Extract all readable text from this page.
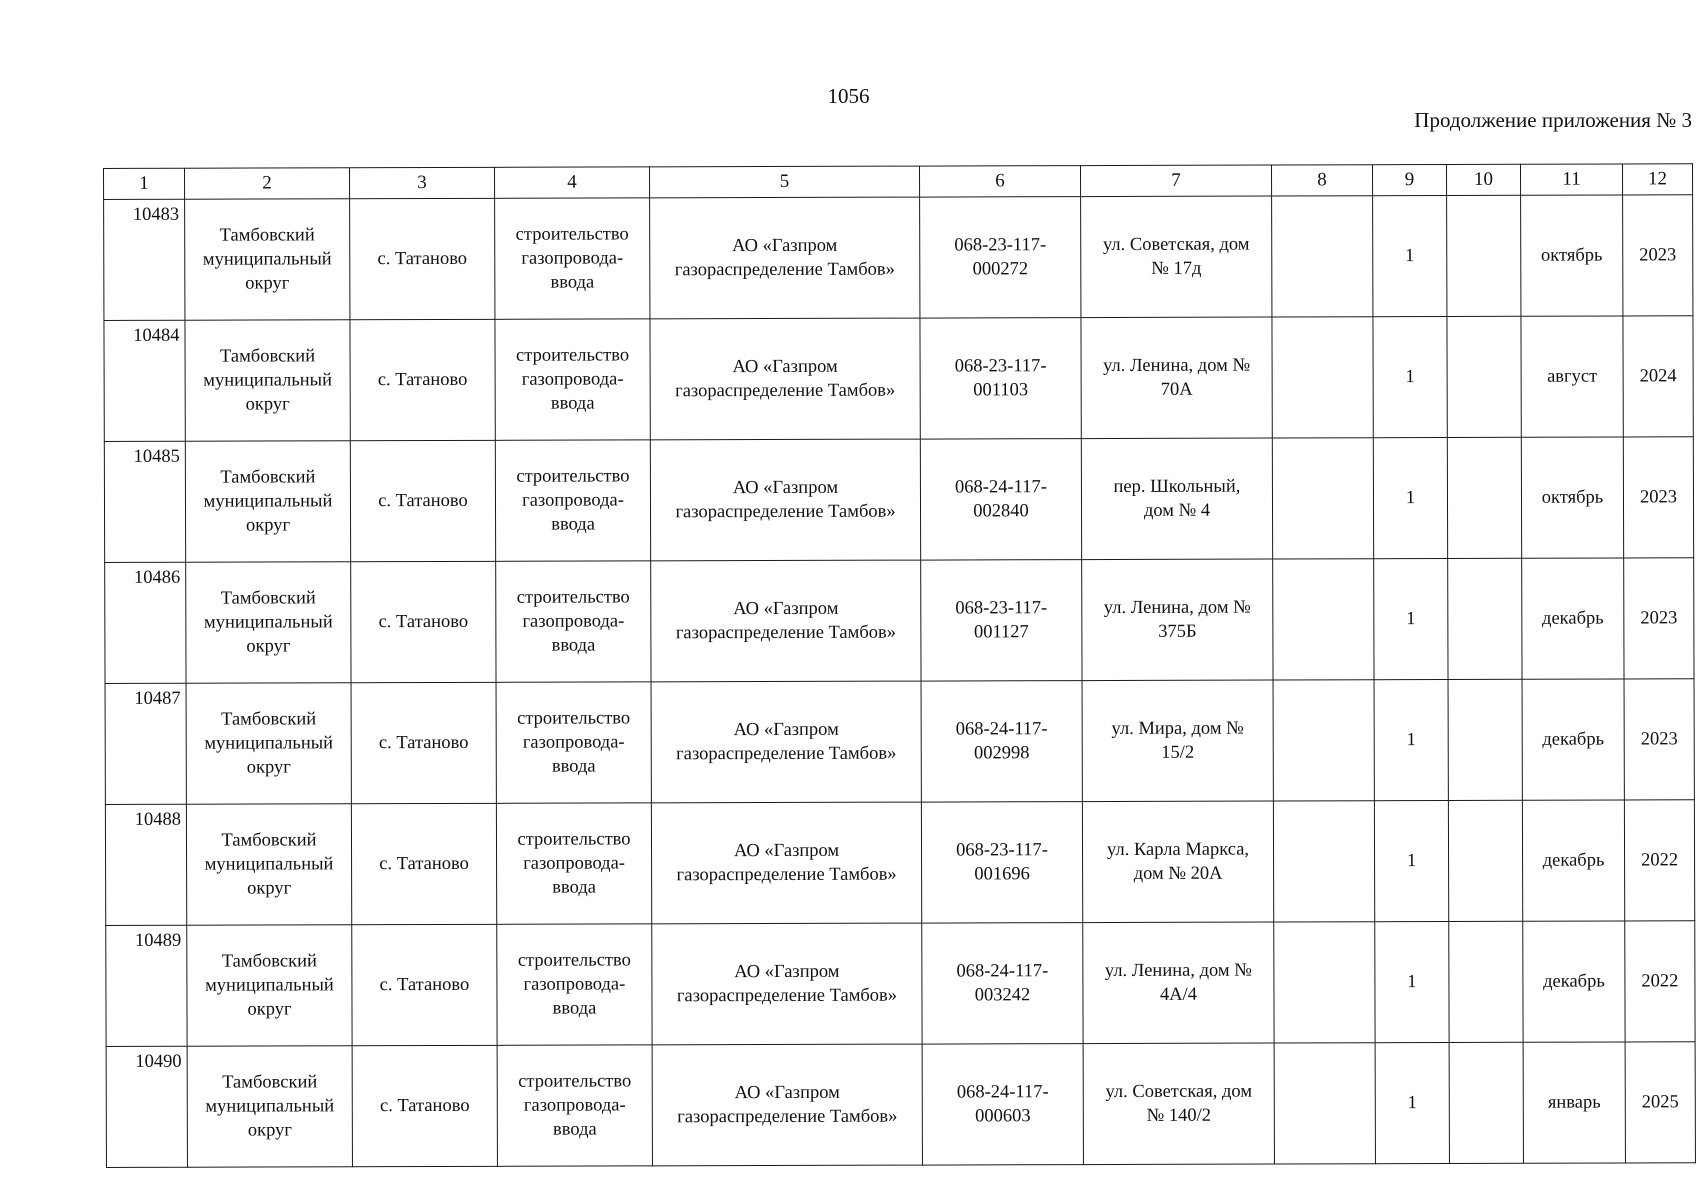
1056
Продолжение приложения № 3
1	2	3	4	5	6	7	8	9	10	11	12
10483	Тамбовский
муниципальный
округ	с. Татаново	строительство
газопровода-
ввода	АО «Газпром
газораспределение Тамбов»	068-23-117-
000272	ул. Советская, дом
№ 17д		1		октябрь	2023
10484	Тамбовский
муниципальный
округ	с. Татаново	строительство
газопровода-
ввода	АО «Газпром
газораспределение Тамбов»	068-23-117-
001103	ул. Ленина, дом №
70А		1		август	2024
10485	Тамбовский
муниципальный
округ	с. Татаново	строительство
газопровода-
ввода	АО «Газпром
газораспределение Тамбов»	068-24-117-
002840	пер. Школьный,
дом № 4		1		октябрь	2023
10486	Тамбовский
муниципальный
округ	с. Татаново	строительство
газопровода-
ввода	АО «Газпром
газораспределение Тамбов»	068-23-117-
001127	ул. Ленина, дом №
375Б		1		декабрь	2023
10487	Тамбовский
муниципальный
округ	с. Татаново	строительство
газопровода-
ввода	АО «Газпром
газораспределение Тамбов»	068-24-117-
002998	ул. Мира, дом №
15/2		1		декабрь	2023
10488	Тамбовский
муниципальный
округ	с. Татаново	строительство
газопровода-
ввода	АО «Газпром
газораспределение Тамбов»	068-23-117-
001696	ул. Карла Маркса,
дом № 20А		1		декабрь	2022
10489	Тамбовский
муниципальный
округ	с. Татаново	строительство
газопровода-
ввода	АО «Газпром
газораспределение Тамбов»	068-24-117-
003242	ул. Ленина, дом №
4А/4		1		декабрь	2022
10490	Тамбовский
муниципальный
округ	с. Татаново	строительство
газопровода-
ввода	АО «Газпром
газораспределение Тамбов»	068-24-117-
000603	ул. Советская, дом
№ 140/2		1		январь	2025
